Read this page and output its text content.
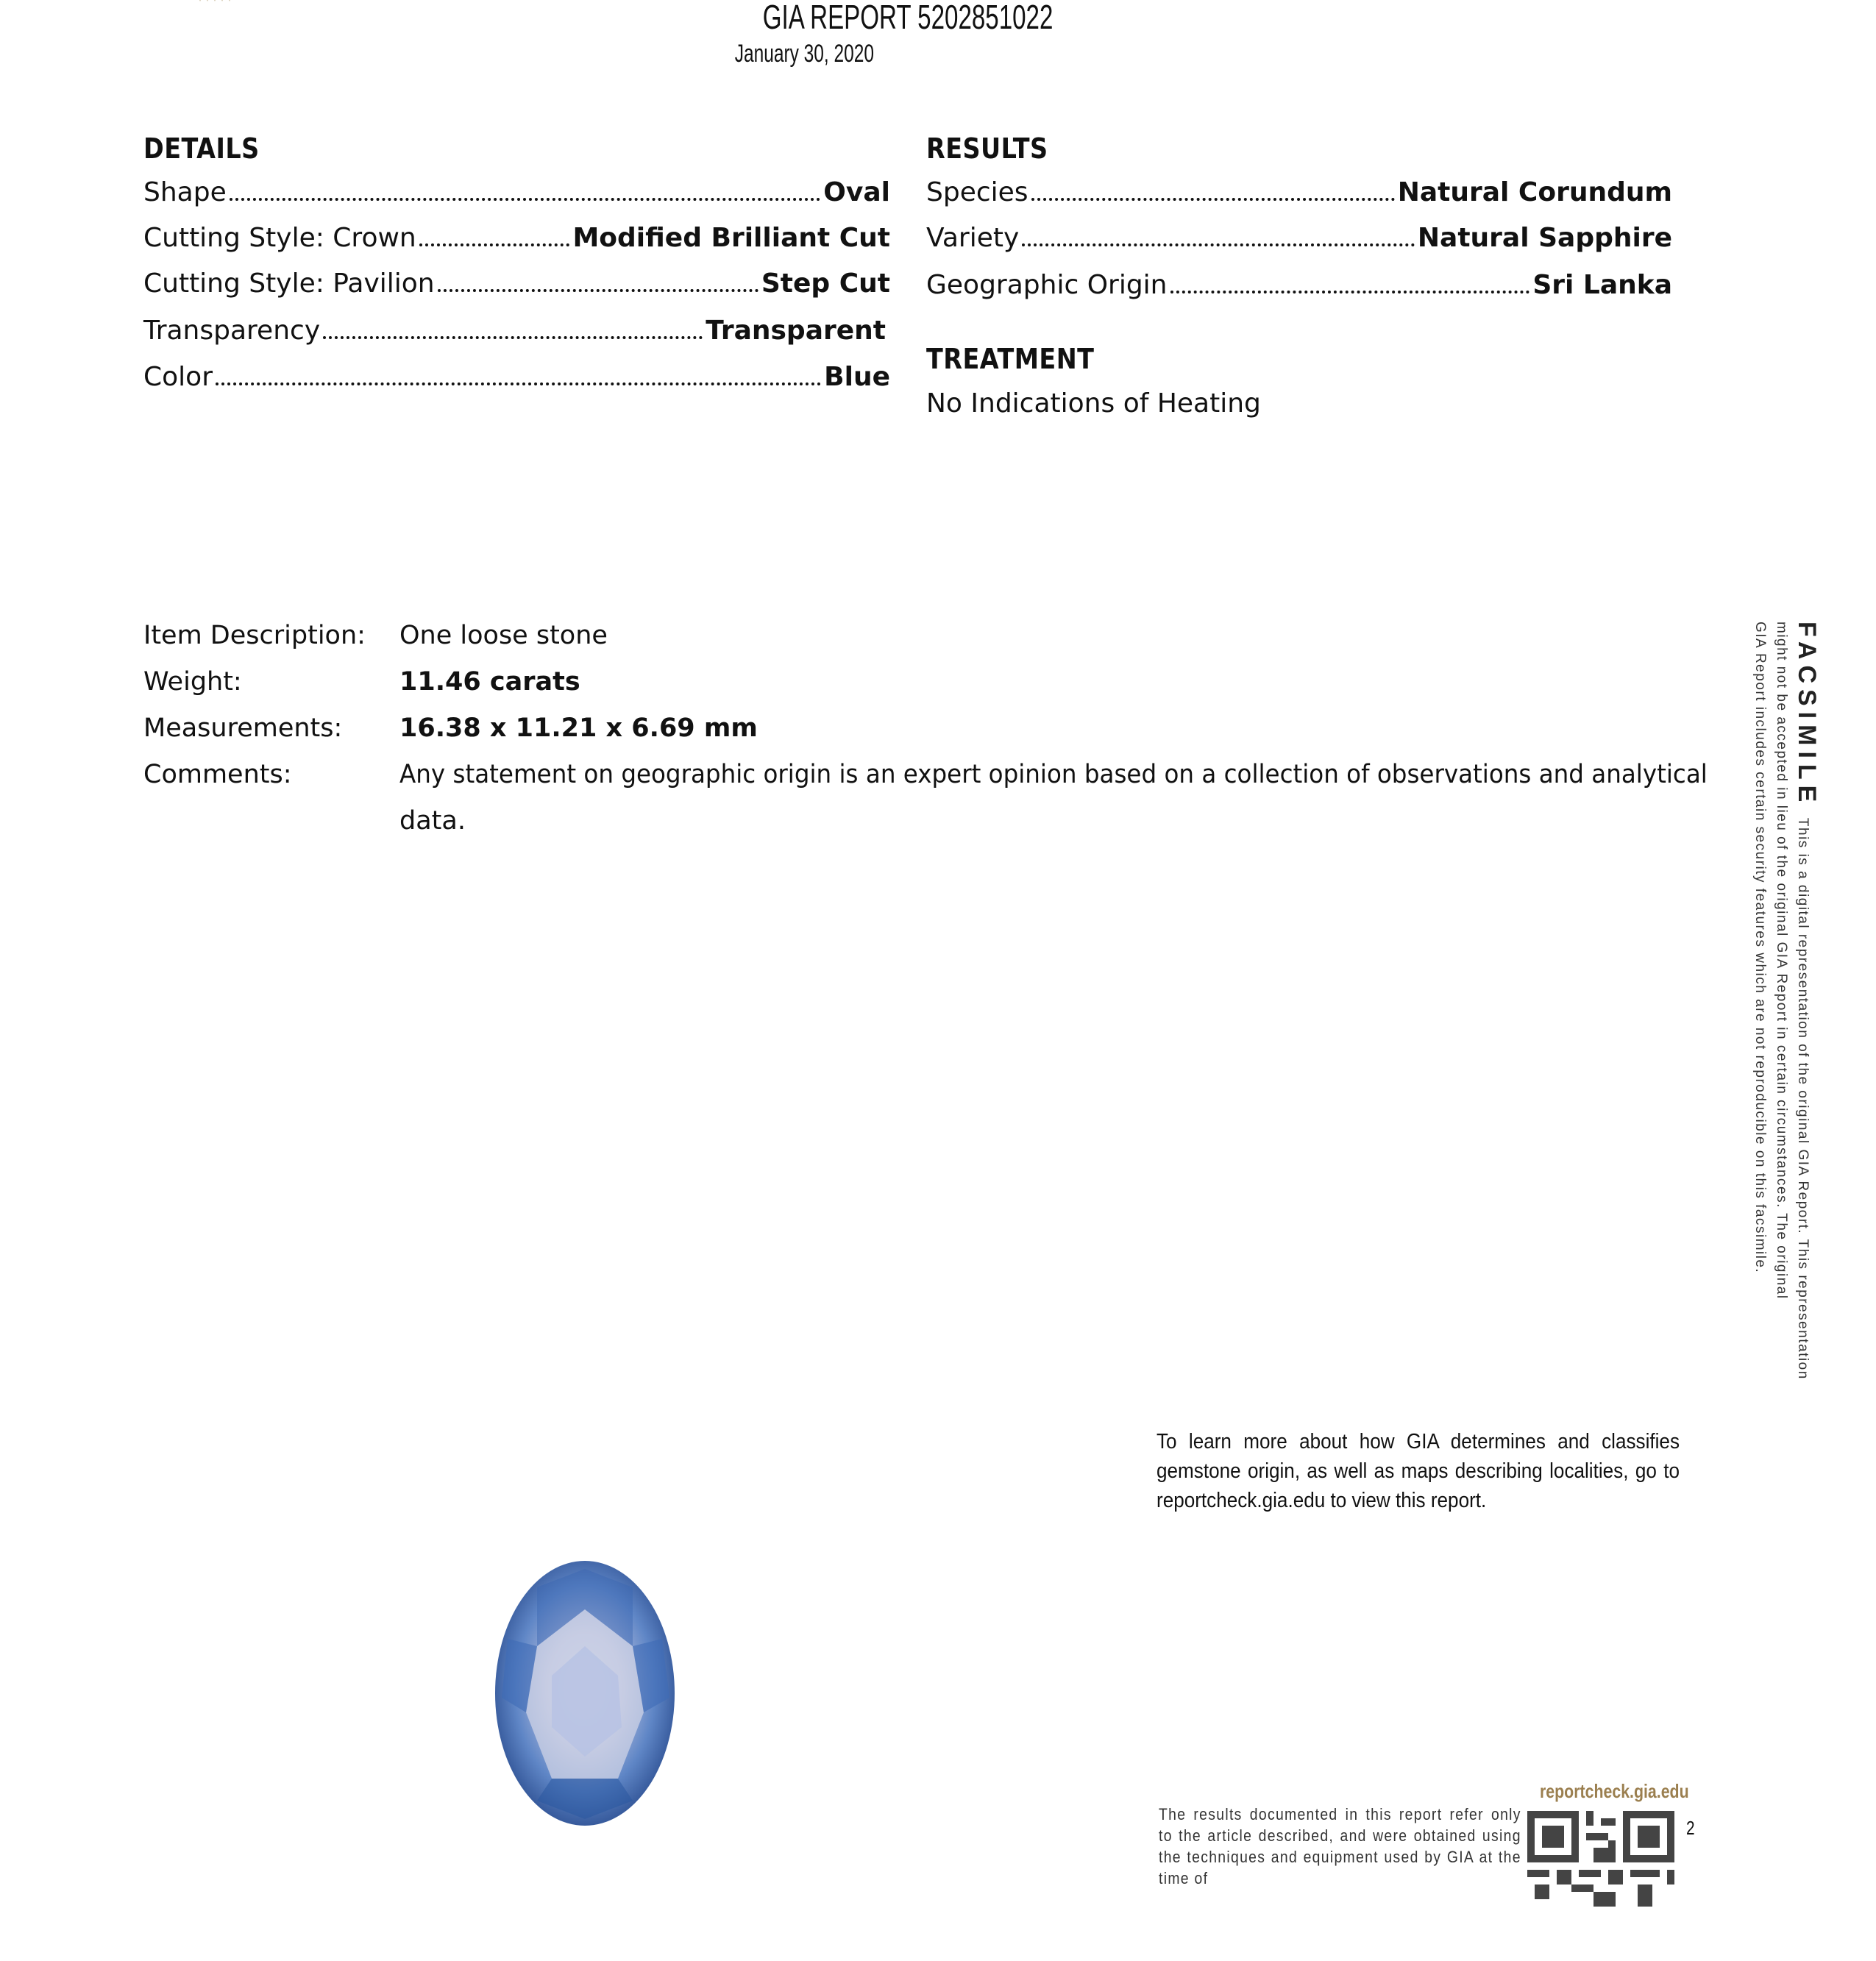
GIA REPORT 5202851022
January 30, 2020
DETAILS
Shape	Oval
Cutting Style: Crown	Modified Brilliant Cut
Cutting Style: Pavilion	Step Cut
Transparency	Transparent
Color	Blue
RESULTS
Species	Natural Corundum
Variety	Natural Sapphire
Geographic Origin	Sri Lanka
TREATMENT
No Indications of Heating
Item Description: One loose stone
Weight:	11.46 carats
Measurements: 16.38 x 11.21 x 6.69 mm
Comments:	Any statement on geographic origin is an expert opinion based on a collection of observations and analytical
data.
FACSIMILE  This is a digital representation of the original GIA Report. This representation
might not be accepted in lieu of the original GIA Report in certain circumstances. The original
GIA Report includes certain security features which are not reproducible on this facsimile.
To learn more about how GIA determines and classifies gemstone origin, as well as maps describing localities, go to reportcheck.gia.edu to view this report.
reportcheck.gia.edu
2
The results documented in this report refer only to the article described, and were obtained using the techniques and equipment used by GIA at the time of
